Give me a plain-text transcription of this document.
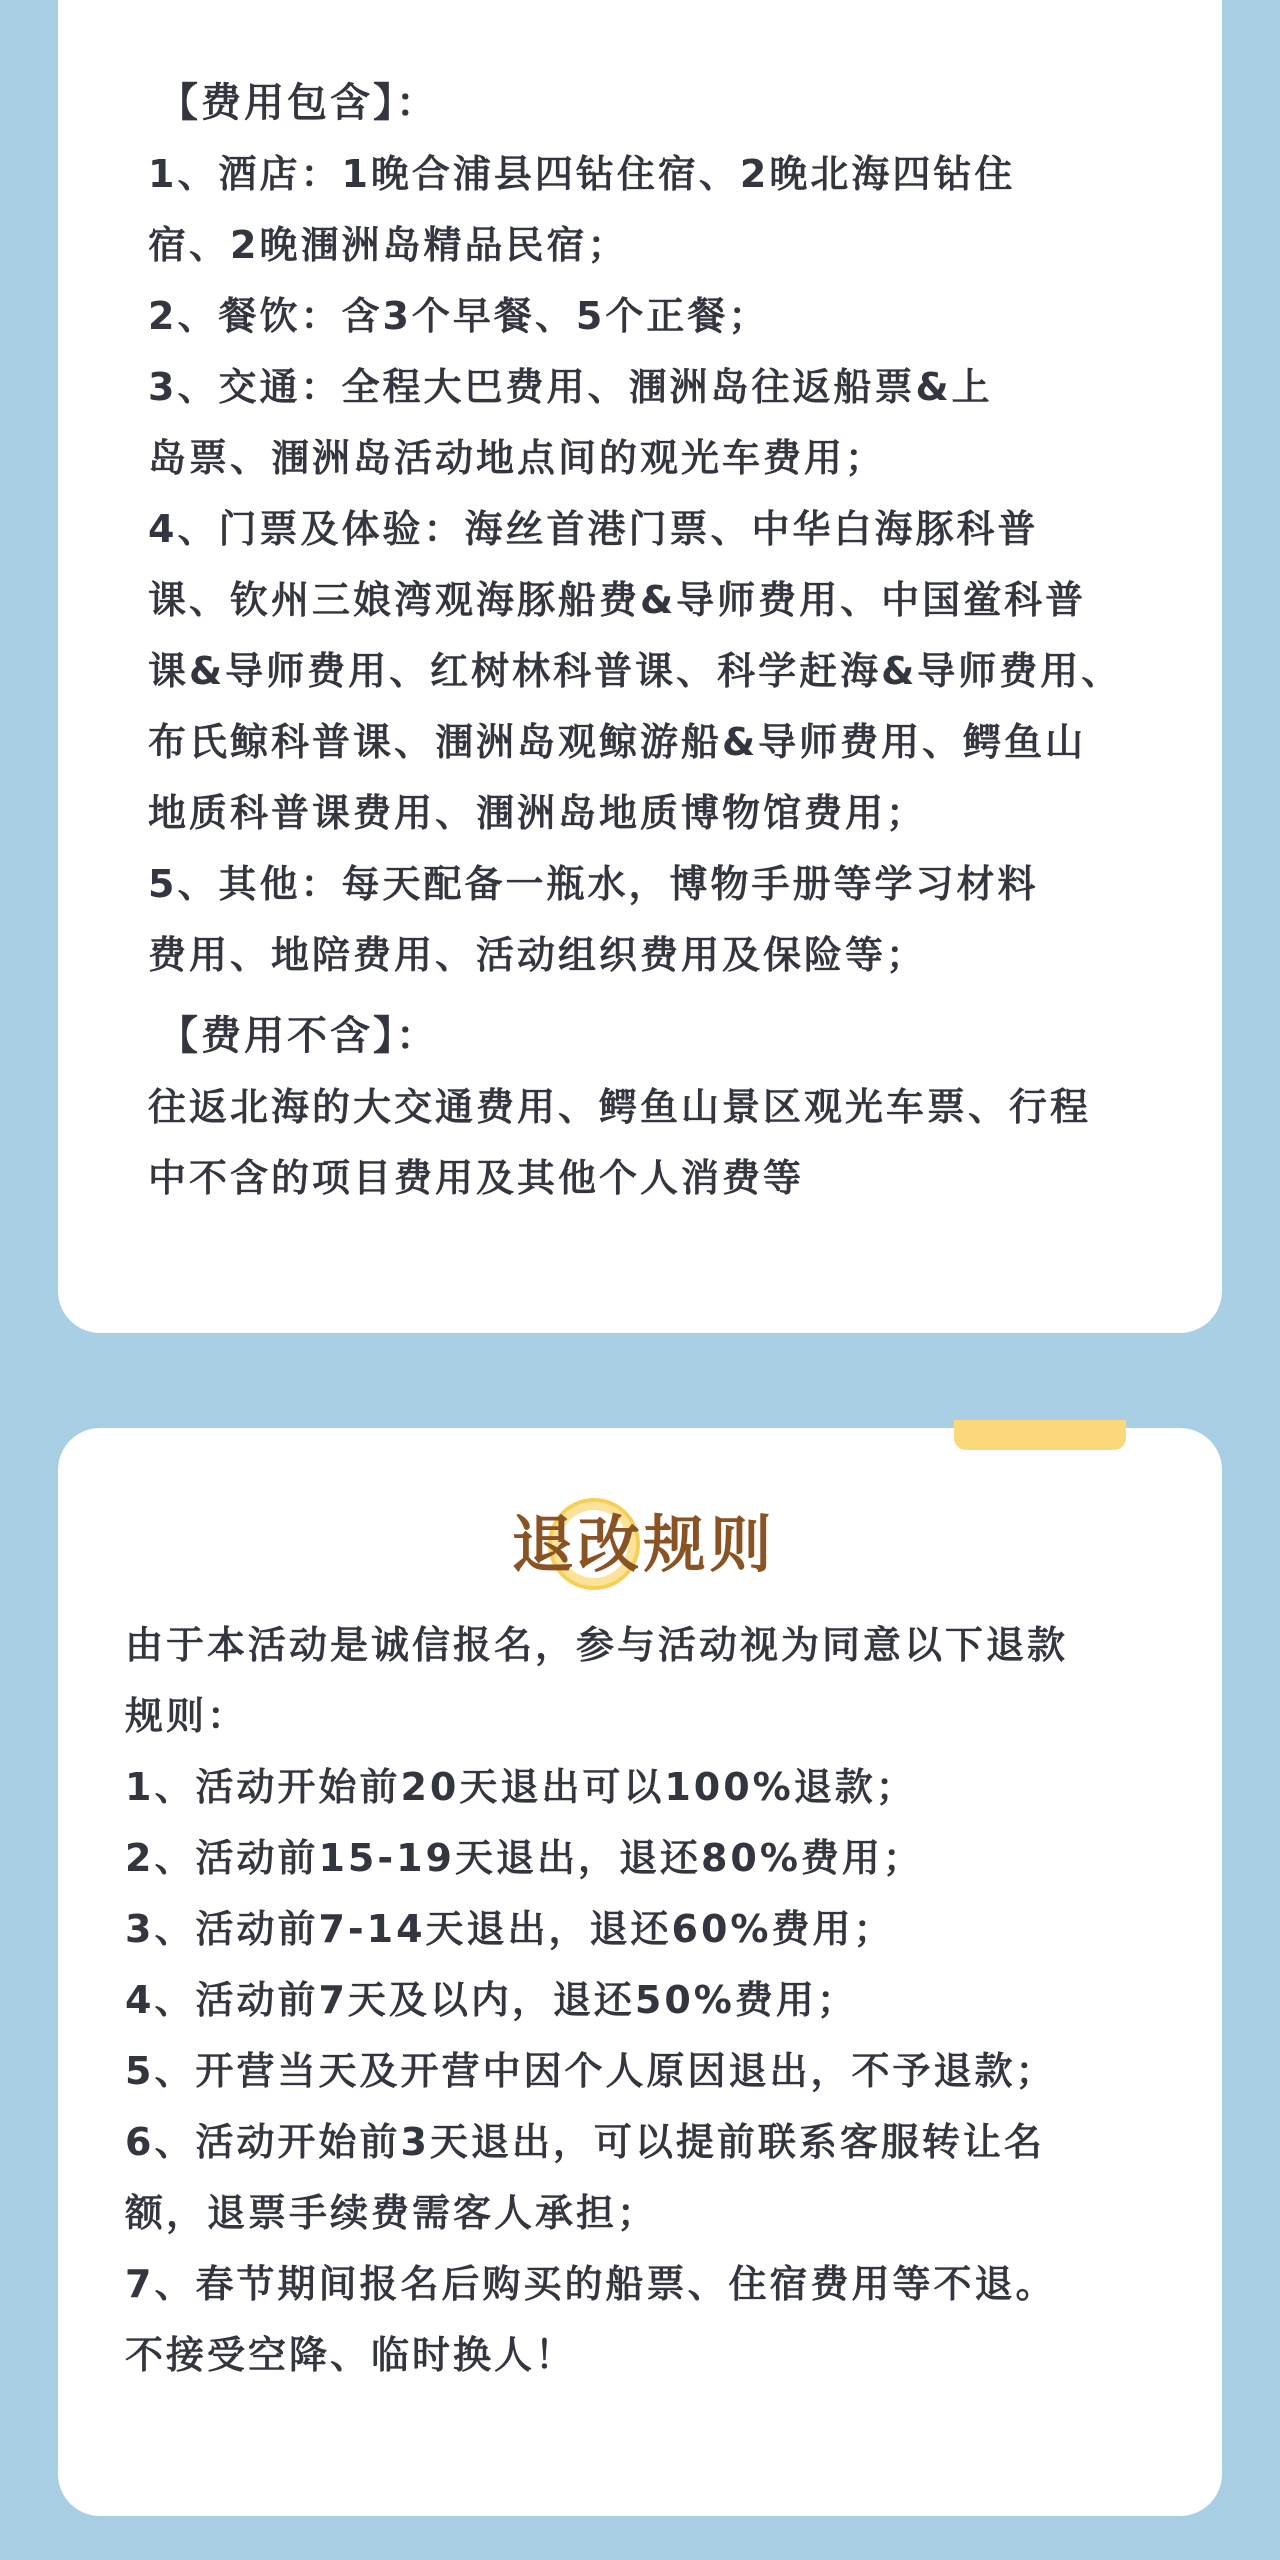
【费用包含】：

1、酒店：1晚合浦县四钻住宿、2晚北海四钻住

宿、2晚涠洲岛精品民宿；

2、餐饮：含3个早餐、5个正餐；

3、交通：全程大巴费用、涠洲岛往返船票&上

岛票、涠洲岛活动地点间的观光车费用；

4、门票及体验：海丝首港门票、中华白海豚科普

课、钦州三娘湾观海豚船费&导师费用、中国鲎科普

课&导师费用、红树林科普课、科学赶海&导师费用、

布氏鲸科普课、涠洲岛观鲸游船&导师费用、鳄鱼山

地质科普课费用、涠洲岛地质博物馆费用；

5、其他：每天配备一瓶水，博物手册等学习材料

费用、地陪费用、活动组织费用及保险等；

【费用不含】：

往返北海的大交通费用、鳄鱼山景区观光车票、行程

中不含的项目费用及其他个人消费等

退改规则

由于本活动是诚信报名，参与活动视为同意以下退款

规则：

1、活动开始前20天退出可以100%退款；

2、活动前15-19天退出，退还80%费用；

3、活动前7-14天退出，退还60%费用；

4、活动前7天及以内，退还50%费用；

5、开营当天及开营中因个人原因退出，不予退款；

6、活动开始前3天退出，可以提前联系客服转让名

额，退票手续费需客人承担；

7、春节期间报名后购买的船票、住宿费用等不退。

不接受空降、临时换人！
